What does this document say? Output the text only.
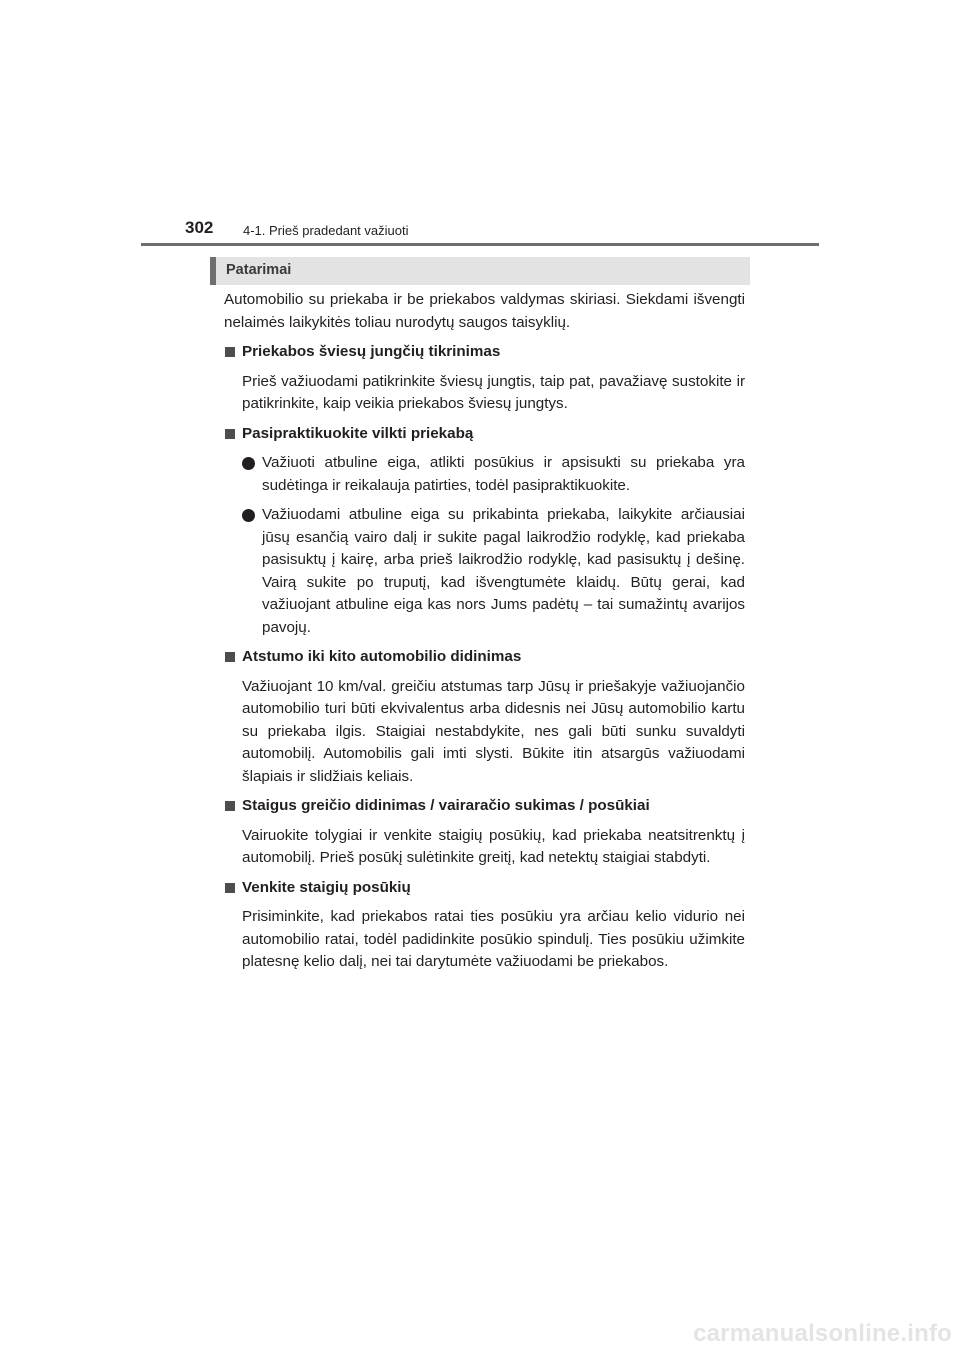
302 4-1. Prieš pradedant važiuoti
Patarimai

Automobilio su priekaba ir be priekabos valdymas skiriasi. Siekdami išvengti nelaimės laikykitės toliau nurodytų saugos taisyklių.

Priekabos šviesų jungčių tikrinimas

Prieš važiuodami patikrinkite šviesų jungtis, taip pat, pavažiavę sustokite ir patikrinkite, kaip veikia priekabos šviesų jungtys.

Pasipraktikuokite vilkti priekabą

Važiuoti atbuline eiga, atlikti posūkius ir apsisukti su priekaba yra sudėtinga ir reikalauja patirties, todėl pasipraktikuokite.

Važiuodami atbuline eiga su prikabinta priekaba, laikykite arčiausiai jūsų esančią vairo dalį ir sukite pagal laikrodžio rodyklę, kad priekaba pasisuktų į kairę, arba prieš laikrodžio rodyklę, kad pasisuktų į dešinę. Vairą sukite po truputį, kad išvengtumėte klaidų. Būtų gerai, kad važiuojant atbuline eiga kas nors Jums padėtų – tai sumažintų avarijos pavojų.

Atstumo iki kito automobilio didinimas

Važiuojant 10 km/val. greičiu atstumas tarp Jūsų ir priešakyje važiuojančio automobilio turi būti ekvivalentus arba didesnis nei Jūsų automobilio kartu su priekaba ilgis. Staigiai nestabdykite, nes gali būti sunku suvaldyti automobilį. Automobilis gali imti slysti. Būkite itin atsargūs važiuodami šlapiais ir slidžiais keliais.

Staigus greičio didinimas / vairaračio sukimas / posūkiai

Vairuokite tolygiai ir venkite staigių posūkių, kad priekaba neatsitrenktų į automobilį. Prieš posūkį sulėtinkite greitį, kad netektų staigiai stabdyti.

Venkite staigių posūkių

Prisiminkite, kad priekabos ratai ties posūkiu yra arčiau kelio vidurio nei automobilio ratai, todėl padidinkite posūkio spindulį. Ties posūkiu užimkite platesnę kelio dalį, nei tai darytumėte važiuodami be priekabos.

carmanualsonline.info
